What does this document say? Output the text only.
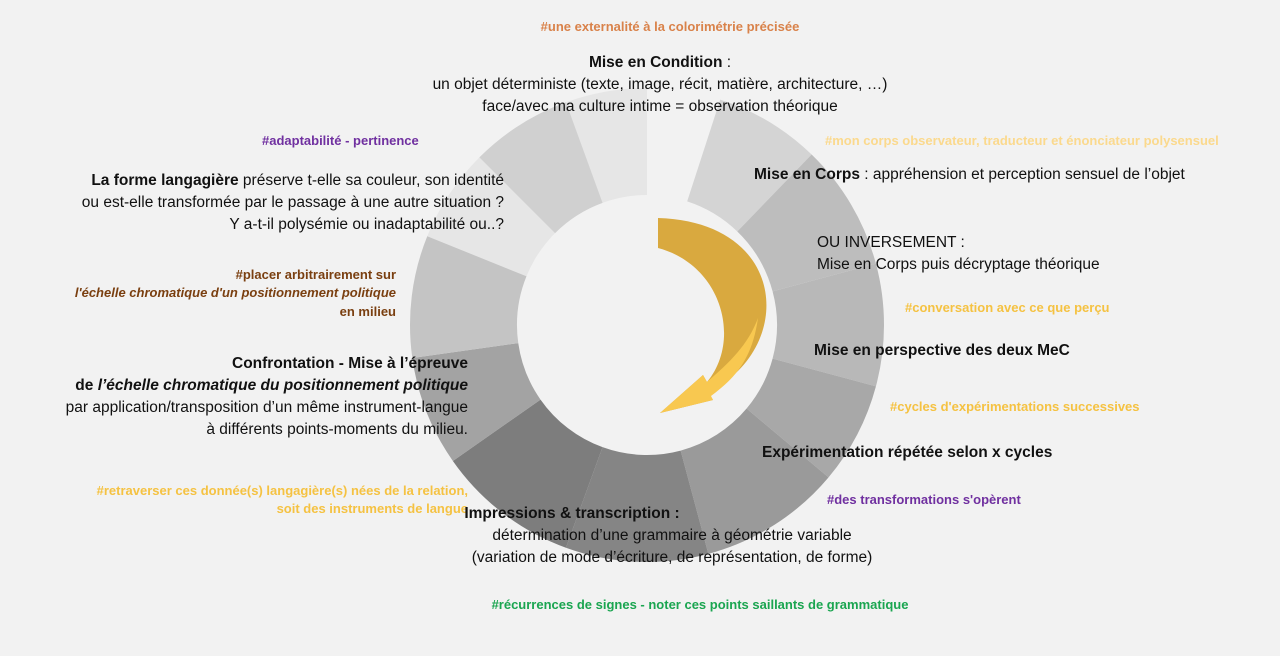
#une externalité à la colorimétrie précisée
#adaptabilité - pertinence	#mon corps observateur, traducteur et énonciateur polysensuel
#placer arbitrairement sur
l'échelle chromatique d'un positionnement politique
en milieu	#conversation avec ce que perçu
#cycles d'expérimentations successives
#retraverser ces donnée(s) langagière(s) nées de la relation,
soit des instruments de langue
#des transformations s'opèrent
#récurrences de signes - noter ces points saillants de grammatique
Mise en Condition :
un objet déterministe (texte, image, récit, matière, architecture, …)
face/avec ma culture intime = observation théorique
Mise en Corps : appréhension et perception sensuel de l’objet
OU INVERSEMENT :
Mise en Corps puis décryptage théorique
Mise en perspective des deux MeC
Expérimentation répétée selon x cycles
Impressions & transcription :
détermination d’une grammaire à géométrie variable
(variation de mode d’écriture, de représentation, de forme)
La forme langagière préserve t-elle sa couleur, son identité
ou est-elle transformée par le passage à une autre situation ?
Y a-t-il polysémie ou inadaptabilité ou..?
Confrontation - Mise à l’épreuve
de l’échelle chromatique du positionnement politique
par application/transposition d’un même instrument-langue
à différents points-moments du milieu.
